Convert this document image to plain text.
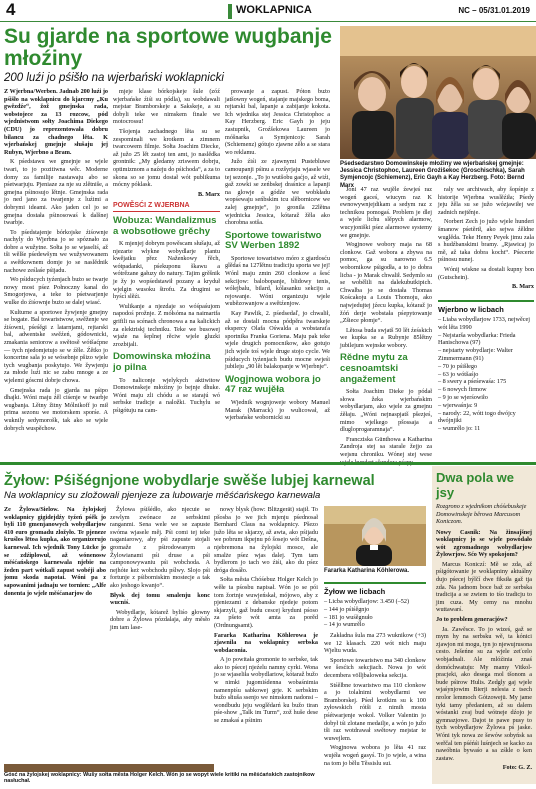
4	WOKLAPNICA	NC – 05/31.01.2019
Su gjarde na sportowe wugbanje młoźiny
200 luźi jo pśišło na wjerbański woklapnicki

Z Wjerbna/Werben. Jadnab 200 luźi jo pśišło na woklapnicu do kjarcmy „Ku gwězdźe“, žož gmejnska rada, wobstojece za 13 rozcow, pód wjednistwom sołty Joachima Diekego (CDU) jo reprezentowała dobru bilancu za chadnego lěta. K wjerbańskej gmejnje słušaju jej Rubyn, Wjerbno a Bram.

K pśedstawu we gmejnje se wjele twari, to jo pozitiwna wěc. Moderne domy za familije nastawaju abo se pśetwarjuju. Pjeniaze za nje su zlětniše, a gmejna pśinosujo lětnje. Gmejnska rada jo ned jano za twarjenje z luźimi a dobrymi ideami. Ako jaden cel jo se gmejna dostała pśinosowaś k dalšnej twarbje.

To pśedstajenje bórkojske źiśownje nachyly do Wjerbna jo se spóznało za dobre a wužytne. Sołta jo se wjaseliś, až tši wělše pśedewšym we wužywowanem a swětkownem domje jo se naslědnik nachowe ześlaśe pśijadu.

Wo pśiducych tyźenjach bużo se twarje nowy most pśez Połnoczny kanal do Smogorjowa, a teke to pśetwarjenje wulke do źiśownje bużo se dalej wiasć.

Kulturne a sportowe žywjenje gmejny se bogate. Bal towaristwow, swěženje we źiśowni, pśeśěgi z latarnjami, rejtarski bal, adwentske swěźeń, gódownicki, zmakania seniorow a swětosě wótšaćpne — tych njedomjetujo se w źěle. Źětko jo koncertne sala jo se wósebnje pšizo wjele tych wugbanja poskytujo. We žywjenju za młode luźi nic se zabu mnoge a ze wjelemi góscmi dobrje chowa.

Gmejnska rada jo gjarda na pśipo dhajki. Wóni maju źěl ciśenje w twarbje wugbanja. Lětny žitny Mólnikoff jo mił prima sezonu we motorskem sporśe. A wuknily sedymorošk, tak ako se wjele dobrych wuspěchow.

mjeje klase bórkojskeje šule (zóź wjerbańske źiśi su pódla), su wobdawali mejstar Bramborskeje a Sakskeje, a su dobyli teke we nimskem finale we motocrossu!

Tšojenja zachadnego lěta su se zespominali we krotkem a zimnem twarcowem filmje. Sołta Joachim Diecke, až južo 25 lět zastoj ten amt, jo naslědka grontnik: „My gledamy zriswem dobrju, optimizmom a naźeju do pśichoda“, a za to skona so se jomu dostał wót publikuma mócny póklask.

B. Marx

POWĚSĆI Z WJERBNA
Wobuza: Wandalizmus a wobsotłowe grěchy

K mjenjej dobrym powěscam słušaju, až njezarte wlykne wobydlarje plantu kwějatku přez Naženkowy řěch, wótpadanki, pśekuponu škawu a wótrězane gałuzy do natury. Tajim grěšnik je žy jo wopśedstawił pozany a kryduł wjelgin wusoku štrofu. Za drugimi se hyścí slěźi.

Wulikanje a njezdaje so wóśpaśujom napodoś prožnje. Z mółsóma na naimartfa grifili na scénach chronowa a na kalickich za elektriskj techniku. Teke we busowej wjaźe na šeplnej rěciw wjele gluzki zrozbijali.

Domowinska młoźina jo pilna

To naliconje wjelykych aktiwitow Domowinskeje młoźiny jo bejnje dhuke. Wóni maju zli chódu a se starajú wó serbske tradicje a naložki. Tuchylu se pśigótuju na cam-

prowanje a zapust. Póton bużo jatšowny wogeń, stajanje majskego boma, rejtarski bal, lapanje a zabijanje kokota. Ich wjednika stej Jessica Christophoc a Kay Herzberg. Eric Gayh jo jeju zastupnik, Groźšekowa Laureen jo móšnarka a Symjenicojc Sarah (Schiemenz) gótujo zjawne zěło a se stara wo reklamu.

Južo źiśi ze zjawnymi Pustebluwe camoupanji pśinu a rozšyrjaju wjasele we tej sezonje. „To jo wutšobu gaćjo, až wiźi, gaž zowki se zeńbskej draśnice a lapanji na glowje a gódźe we wobkładu wopśewaju seńbskim tcu slěbornicew we zalej gmejnje“, jo gronila 22lětna wjednicka Jessica, kótaraž žěla ako chorobna sotša.

Sportowe towaristwo SV Werben 1892

Sportowe towaristwo móro z gjardosću glědaś na 127lětnu tradiciju sporta we jej! Wónl maju zmin 260 clonkow a šesć sekcijow: balobopanje, blidowy tenis, wólejbalu, bilard, kólasanku sekciju a rejowanje. Wóni organizuju wjele wubězowanjow a swětźenjow.

Kay Pawlik, 2. pśedsedaľ, jo chwalił, až se dostali mocna pódpěra twarskeje ekspercy Olafa Ośwalda a wobstaraťa sportnika Franka Goriena. Maju pak teke wjele drugich pomocnikow, ako gotujo jich wjele toś wjele druge stojo cycle. We pśiducych tyźenjach budu mocne swjeśi jubileju „90 lět balakopanje w Wjerbnje“.

Wogjnowa wobora jo 47 raz wujěła

Wjednik wognjoweje wobory Manuel Marak (Marrack) jo wulicował, až wjerbańske wobornicki su

Pśedsedarstwo Domowinskeje młoźiny we wjerbańskej gmejnje: Jessica Christophoc, Laureen Groźišekoc (Groschischka), Sarah Symjencojc (Schiemenz), Eric Gayh a Kay Herzberg. Foto: Bernd Marx

Joni 47 raz wujěle źewjeś raz wogeń gaceś, wiucym raz K ewnowywnjejdikam a sedym raz z technikou pomogaś. Problem je dlej a wjele lichu slěpych alarmow, wucyjoniški pśez alarmowe systemy we gmejnje.

Wogjnowe wobory maja na 68 clonkow. Gaž wobora a zbywa na pomoc, ga su narowno 6.5 wobornikow pśigodła, a to jo dobra licba - jo Marak chwalił. Sedymlo su se wobělili na dalekubutkipich. Chwalba jo se dostała Thomas Koścakoju a Louis Thomoju, ako najwjedujtej jźecu kupka, kótaraž jo žóń derje wobstała pśepytowanje „Zšiece płomje“.

Lětosa buda swjatš 50 lět źeśskich we kupka se a Rubynje 85lětny jubilejum wejnske wobory.

Rědne mytu za cesnoamtski angažement

Sołta Joachim Dieke jo pódał słowa žeka wjerbańskim wobydlarjam, ako wjele za gmejnu źěłaju. „Wóni nejnaspjatš pšezjeś, mimo wjelkego pšossaja a dlugloprogaramnaja“.

Francziska Günthowa a Katharina Zandroja stej sa starale žejjo za wejsnu chroniku. Wónej stej wese

raly we archiwach, aby šopśnje z historije Wjerbna wuslěźiła; Pśedy jeju žěla su se južo wózjawiłej we zadnich nejtěnje.

Norbert Zech jo južo wjele hunderi šmanow pśetěrtł, ako sejwa źěldne wuglěda. Teke Henry Peyek jimu zala s hudźbanskimi bramy. „Rjawicaj jo mě, až taka dobra kocht“. Pśecerte pśinosu nunej.

Wónij wiskne sa dostali kupny bon (Gutschein).

B. Marx

Wjerbno w licbach
– Liaba wobydlarjow 1733, nejwěcej wót lěta 1990
– Nejstarša wobydlarka: Frieda Hanischowa (97)
– nejstarty wobydlarje: Walter Zimmermann (91)
– 70 jo pśišłego
– 63 jo wótšaśjo
– 8 swery a pśeśewaśa: 175
– 6 nowych firmow
– 9 jo se wjerśowiło
– wjerwaśnja: 9
– narody: 22, wótt togo dwójcy dwójnjiki
– wumrělo jo: 11
Žyłow: Pśišégnjone wobydlarje swěše lubjej karnewal
Na woklapnicy su zložowali pjenjeze za lubowarje měśćańskego karnewala

Ze Žylowa/Sielow. Na žylojskej woklapnicy gigidejdźy tyźeń pśěk jo byli 110 gmenjanowych wobydlarjow 410 euro gromadu zložyło. Te pjeneze kruślos lētoa kupka, ako organizerujo karnewal. Ich wjednik Tony Lücke jo se zdźiplowuł, až wónenosw měśćańskego karnewala njebie na žeden part wótkali zapust wobéji abo jomu skoda napotai. Wóni pa z sapowanimi jadnaju we tornien: „Alfe donenta jo wjele měśćanarjow do

Žylowa pśišédło, ako njecuie se zewlym zwónace ze serbskimi ranganmi. Sena wele we se zapuste swóma wjasele měj. Pśi comi tej teke naganiarowy, aby pśi zapuste stojali gromaže z pśirodowanym a Žylowianami pśi druse a pśi camponowywaniu pśi wobchoda. A nejhóte keż wobchodu pślwy. Slojo pśi fortunje z pśiborniskim mostecje a tak ako jeshogo kwanjo“.

Błysk dej tomu smalenju konc wucniś.

Wobydlarje, kótarež byliśo głowny dobre a Žylowa pózdalaja, aby měsło jim tam lase-

nowy blysk (how: Blitzgerät) stajił. To pšosba jo we jich mjenju pśednosał Bernhard Claus na woklapnicy. Pšezo južo lěta se skjarzy, až awta, ako pśijadu we pobrum ikpejnu pó šosejo wót Dešna, njebremona na žylojski mosce, ale smalże pśez wjas dalej. Tym tam bydlerom jo tach wo źiśi, ako du pśez dróga dosáło.

Sołta města Chóśebuz Holger Kelch jo wěłe ta pśosbu napisał. Wón jo se pói tom žortnje wuwjeńskał, mójowo, aby z pjeniezami z debanske njedeje potom skjarzyli, gaž budu cescej kryduni pśoso za pšeto wót amta za porěd (Ordnungsamt).

Fararka Katharina Köhlerowa je zjawnila na woklapnicy serbska wobdaconia.

A jo powitała gromonie to serbske, tak ako to pśecej njeźelu namny cyrki. Wona jo se wjaseliła wobydlariow, kótaraž bužo w nimki jugomiśdenna wobaśnimia namenpiśu sabkowej grje. K serbskim bužo słiuša ssenjo we nimskem nadonsi – wondbudu jeju woglědarń ku bužo tiran pśe-show „Talk im Turm“, zož huše dese se zmakaś a pśinim

Fararka Katharina Köhlerowa.
Žyłow we licbach
– Licba wobydlarjow: 3.450 (–52)
– 144 jo pśiśěgnjo
– 181 jo wuśěgnuło
– 14 jo wumrělo

Zakładna šula ma 273 wuknikow (+3) we 12 klasach. 220 wót nich maju Wjeltu wuda.

Sportowe towaristwo ma 340 clonkow we šesćich sekcjiach. Nowa jo wót decembera völljbaloweka sekcija.

Stśělbne towaristwo ma 110 clonkow a jo tolalnimi wobydlarmi we Bramborskej. Pśed krotkim su k 100 zyłowskich rótši z nimih mosta pśétwarjenje wokol. Volker Valentin jo dobył tśi zlotane medailje, a wón jo južo tši raz wotdrawał swětowy mejstar te wuwejlem.

Wogjnowa wobora jo lěta 41 raz wujéła wogeń gasyś. To jo wjele, a wina na tom jo bělu Těssislu sui.

Gósć na žylojskej woklapnicy: Wušy sołta města Holger Kelch. Wón jo se wopyt wiele kritiki na měśćańskich zastojnikow nasłuchał.
Dwa pola we jsy
Rozgrono z wjednikom chóśebuskeje Domowinskeje běrowa Marcusom Koniczom.

Nowy Casnik: Na žinsajšnej woklapnicy jo se wjele powódało wót zgromadnego wobydlarjow Žylowrjow. Sćo Wy spokojom?

Marcus Koniczí: Mě se zda, až pśigótowanie je woklapniny aktuálny dujo pśecej býlčí dwe fiksiła gaž tja zda. Na jadnom boce baž ze serbska tradicija a se zwiem to tśo tradicju to jim cuza. My cemy na mnohu wuttawarś.

Jo to problem generacjów?

Ja. Zawěsce. To jo wiześ, gaž se mym hy na serbsku wě, ta kónici zjawjon mi mogu, tyn jo njewujrusona cesto. Ješeńne su za wjele zeťcelo wobjadnali. Ale mlóźinia znaś domóchwatuju: My mamy Vitkol-pracjeki, ako desega mol tšonom a bude pśirow Hulis. Zedgly gaj wjele wjaśynjowim Bierji nelesia z tsech nrolor lemmoch Gótzowejü. My jame tyki tamy předaniem, až su dalem wóstanki zvaj bud wótneje dźojo je gymnazjowe. Dajot te pawe pusy to tych wobydlarjow Žylowa pś jaske. Wóni tyk nowa ze šewów sobyńsk sa weřčal ten pśéńśi luśnjech se kacko za nawóbnia bywaśo a sa zśkle o ken zastaw.

Foto: G. Z.
